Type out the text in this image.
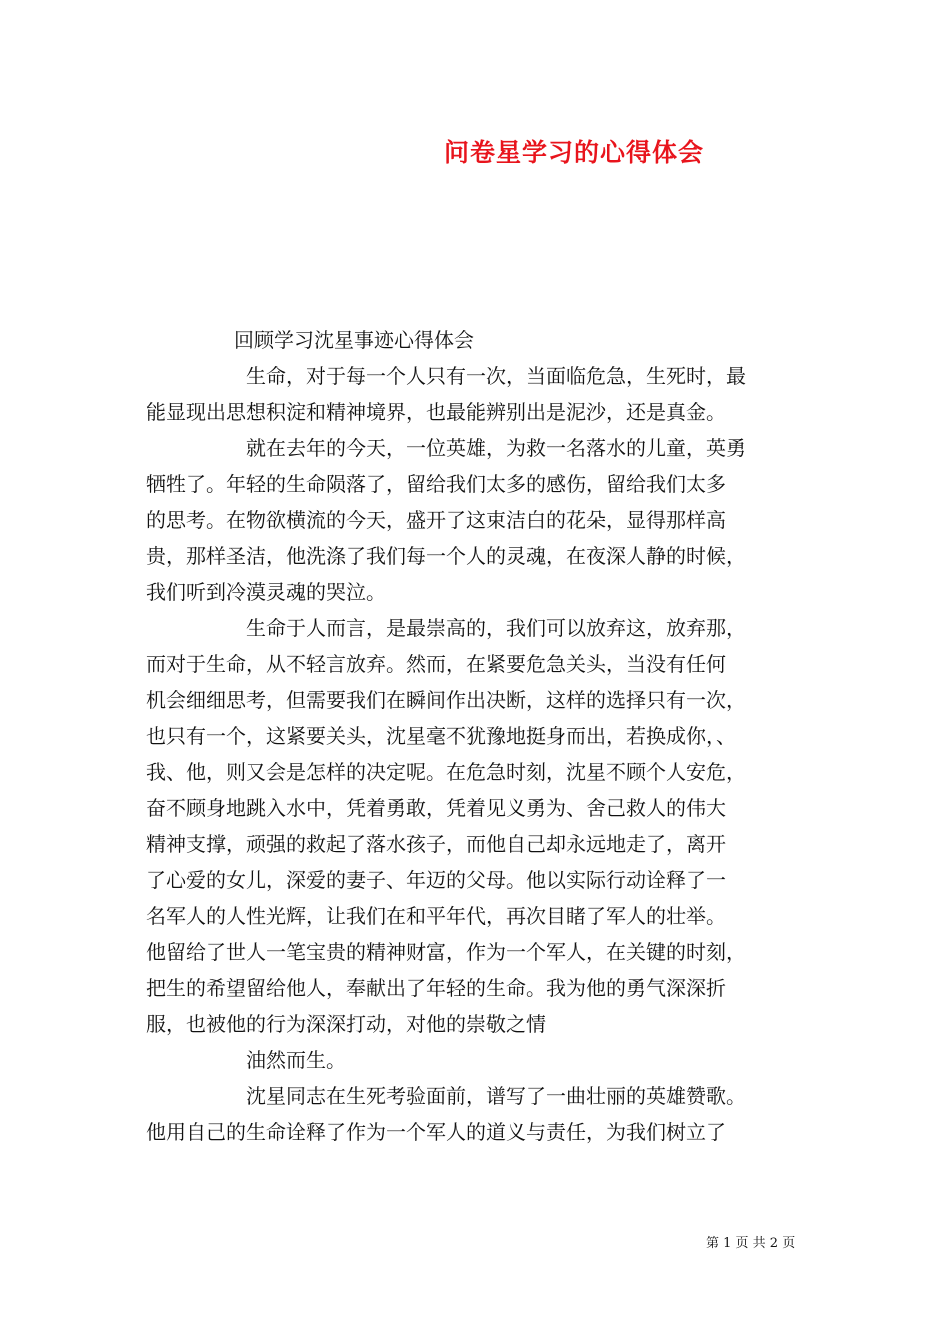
问卷星学习的心得体会
回顾学习沈星事迹心得体会
生命，对于每一个人只有一次，当面临危急，生死时，最
能显现出思想积淀和精神境界，也最能辨别出是泥沙，还是真金。
就在去年的今天，一位英雄，为救一名落水的儿童，英勇
牺牲了。年轻的生命陨落了，留给我们太多的感伤，留给我们太多
的思考。在物欲横流的今天，盛开了这束洁白的花朵，显得那样高
贵，那样圣洁，他洗涤了我们每一个人的灵魂，在夜深人静的时候，
我们听到冷漠灵魂的哭泣。
生命于人而言，是最崇高的，我们可以放弃这，放弃那，
而对于生命，从不轻言放弃。然而，在紧要危急关头，当没有任何
机会细细思考，但需要我们在瞬间作出决断，这样的选择只有一次，
也只有一个，这紧要关头，沈星毫不犹豫地挺身而出，若换成你，、
我、他，则又会是怎样的决定呢。在危急时刻，沈星不顾个人安危，
奋不顾身地跳入水中，凭着勇敢，凭着见义勇为、舍己救人的伟大
精神支撑，顽强的救起了落水孩子，而他自己却永远地走了，离开
了心爱的女儿，深爱的妻子、年迈的父母。他以实际行动诠释了一
名军人的人性光辉，让我们在和平年代，再次目睹了军人的壮举。
他留给了世人一笔宝贵的精神财富，作为一个军人，在关键的时刻，
把生的希望留给他人，奉献出了年轻的生命。我为他的勇气深深折
服，也被他的行为深深打动，对他的崇敬之情
油然而生。
沈星同志在生死考验面前，谱写了一曲壮丽的英雄赞歌。
他用自己的生命诠释了作为一个军人的道义与责任，为我们树立了
第 1 页 共 2 页
